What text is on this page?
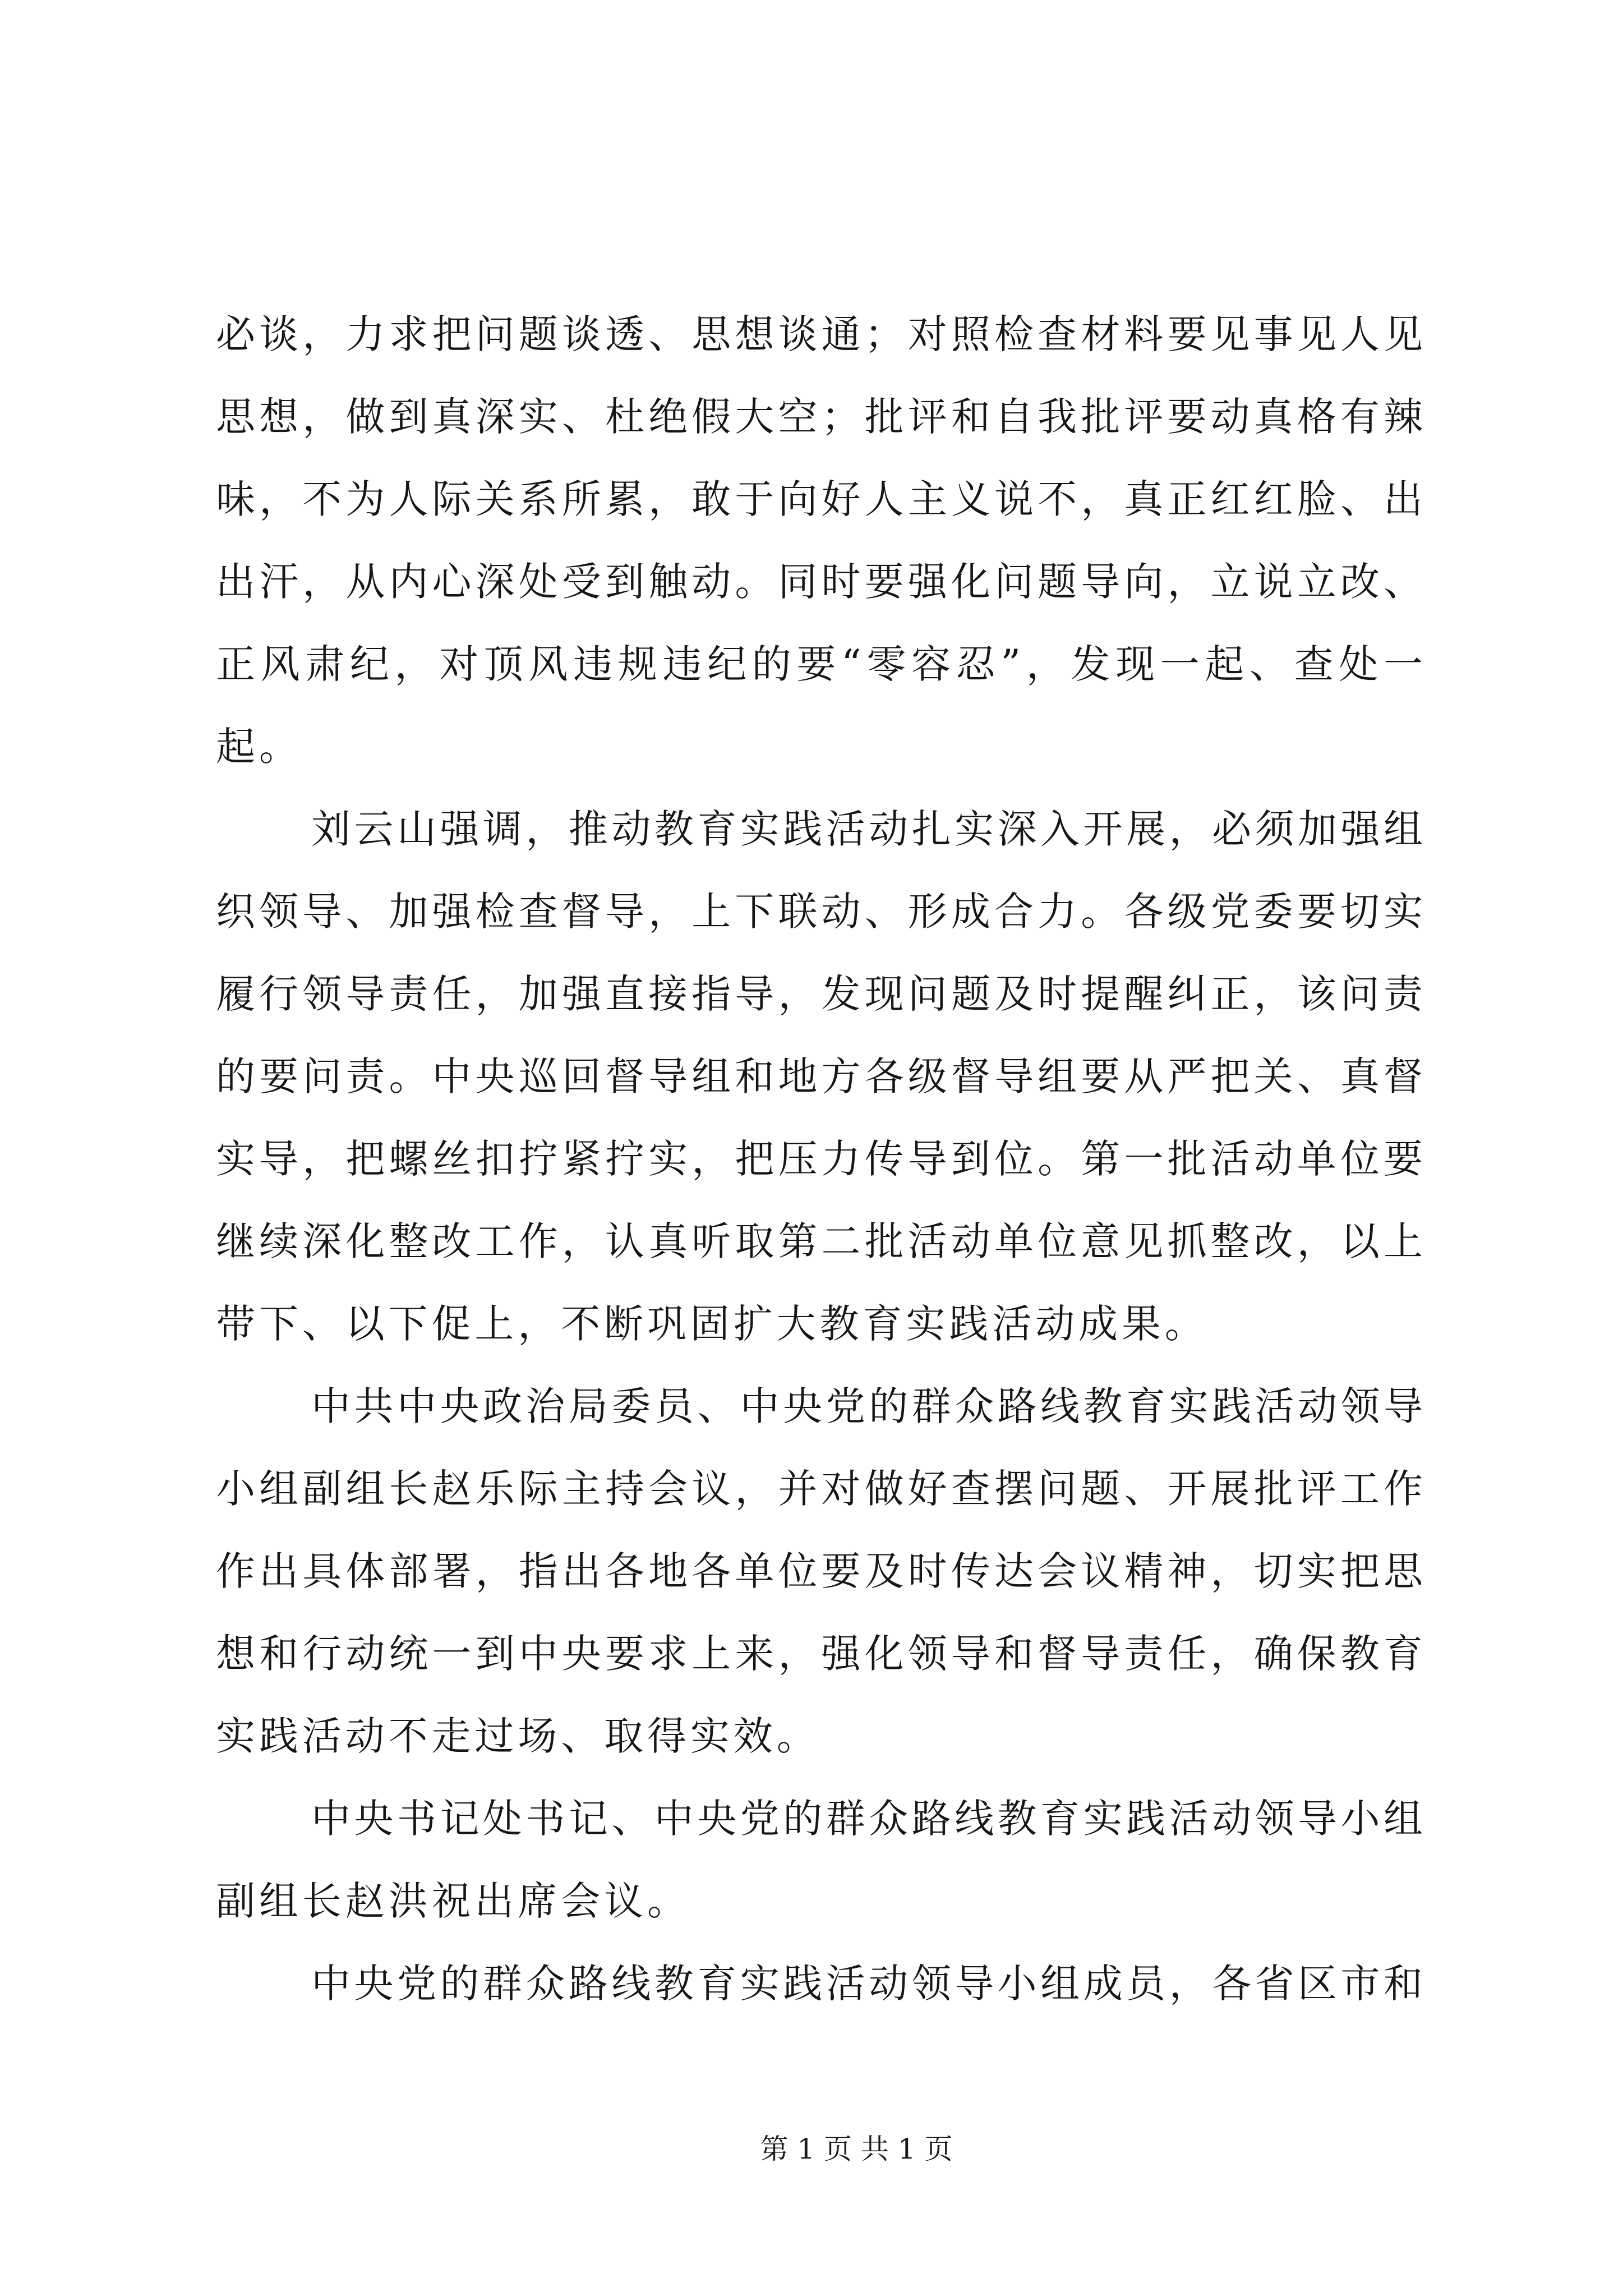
必谈，力求把问题谈透、思想谈通；对照检查材料要见事见人见
思想，做到真深实、杜绝假大空；批评和自我批评要动真格有辣
味，不为人际关系所累，敢于向好人主义说不，真正红红脸、出
出汗，从内心深处受到触动。同时要强化问题导向，立说立改、
正风肃纪，对顶风违规违纪的要“零容忍”，发现一起、查处一
起。
刘云山强调，推动教育实践活动扎实深入开展，必须加强组
织领导、加强检查督导，上下联动、形成合力。各级党委要切实
履行领导责任，加强直接指导，发现问题及时提醒纠正，该问责
的要问责。中央巡回督导组和地方各级督导组要从严把关、真督
实导，把螺丝扣拧紧拧实，把压力传导到位。第一批活动单位要
继续深化整改工作，认真听取第二批活动单位意见抓整改，以上
带下、以下促上，不断巩固扩大教育实践活动成果。
中共中央政治局委员、中央党的群众路线教育实践活动领导
小组副组长赵乐际主持会议，并对做好查摆问题、开展批评工作
作出具体部署，指出各地各单位要及时传达会议精神，切实把思
想和行动统一到中央要求上来，强化领导和督导责任，确保教育
实践活动不走过场、取得实效。
中央书记处书记、中央党的群众路线教育实践活动领导小组
副组长赵洪祝出席会议。
中央党的群众路线教育实践活动领导小组成员，各省区市和
第 1 页 共 1 页
